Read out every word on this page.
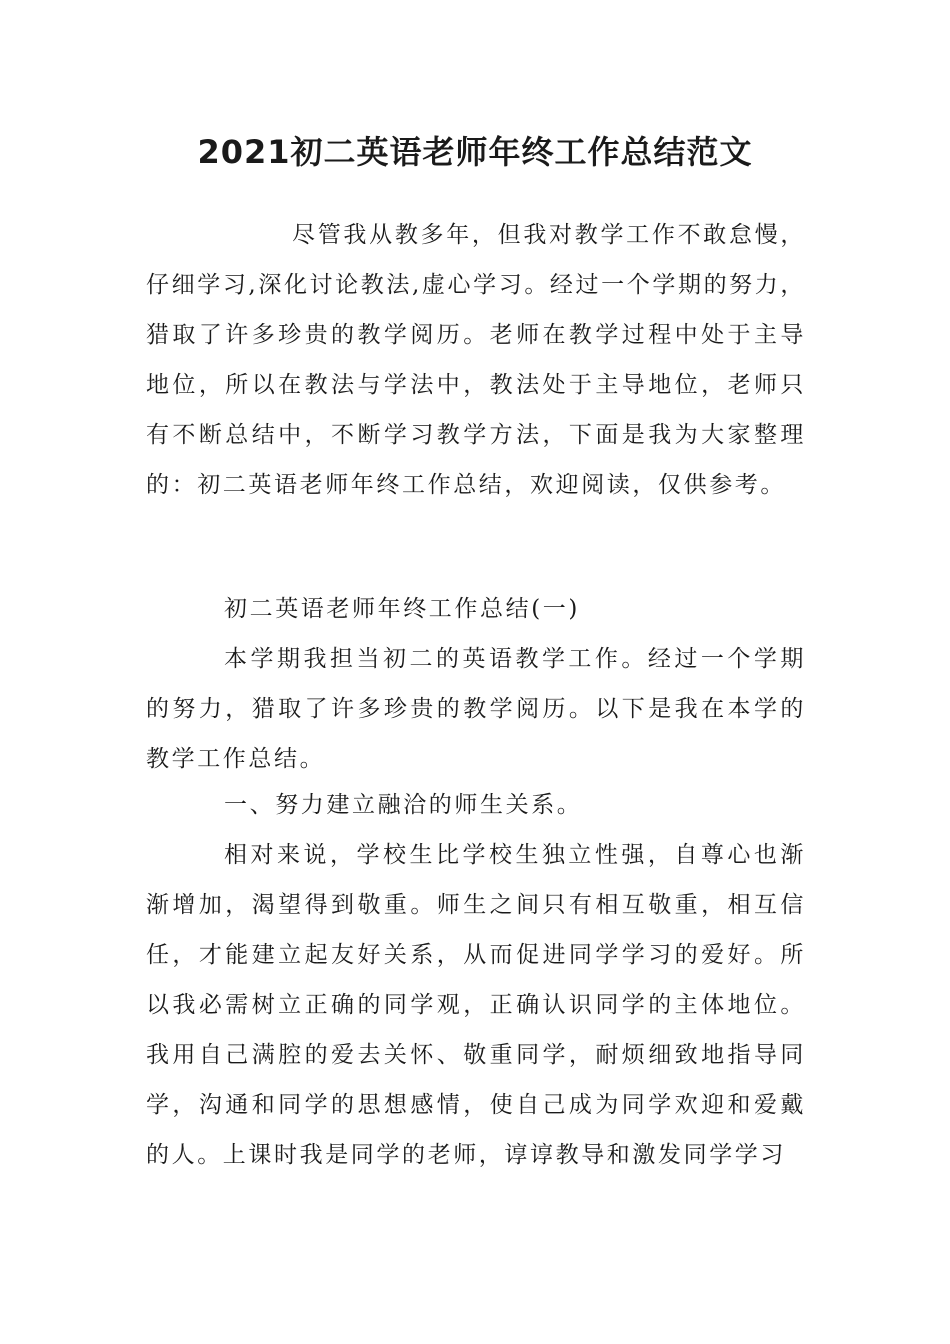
2021初二英语老师年终工作总结范文

尽管我从教多年，但我对教学工作不敢怠慢，仔细学习,深化讨论教法,虚心学习。经过一个学期的努力，猎取了许多珍贵的教学阅历。老师在教学过程中处于主导地位，所以在教法与学法中，教法处于主导地位，老师只有不断总结中，不断学习教学方法，下面是我为大家整理的：初二英语老师年终工作总结，欢迎阅读，仅供参考。

初二英语老师年终工作总结(一)

本学期我担当初二的英语教学工作。经过一个学期的努力，猎取了许多珍贵的教学阅历。以下是我在本学的教学工作总结。

一、努力建立融洽的师生关系。

相对来说，学校生比学校生独立性强，自尊心也渐渐增加，渴望得到敬重。师生之间只有相互敬重，相互信任，才能建立起友好关系，从而促进同学学习的爱好。所以我必需树立正确的同学观，正确认识同学的主体地位。我用自己满腔的爱去关怀、敬重同学，耐烦细致地指导同学，沟通和同学的思想感情，使自己成为同学欢迎和爱戴的人。上课时我是同学的老师，谆谆教导和激发同学学习
